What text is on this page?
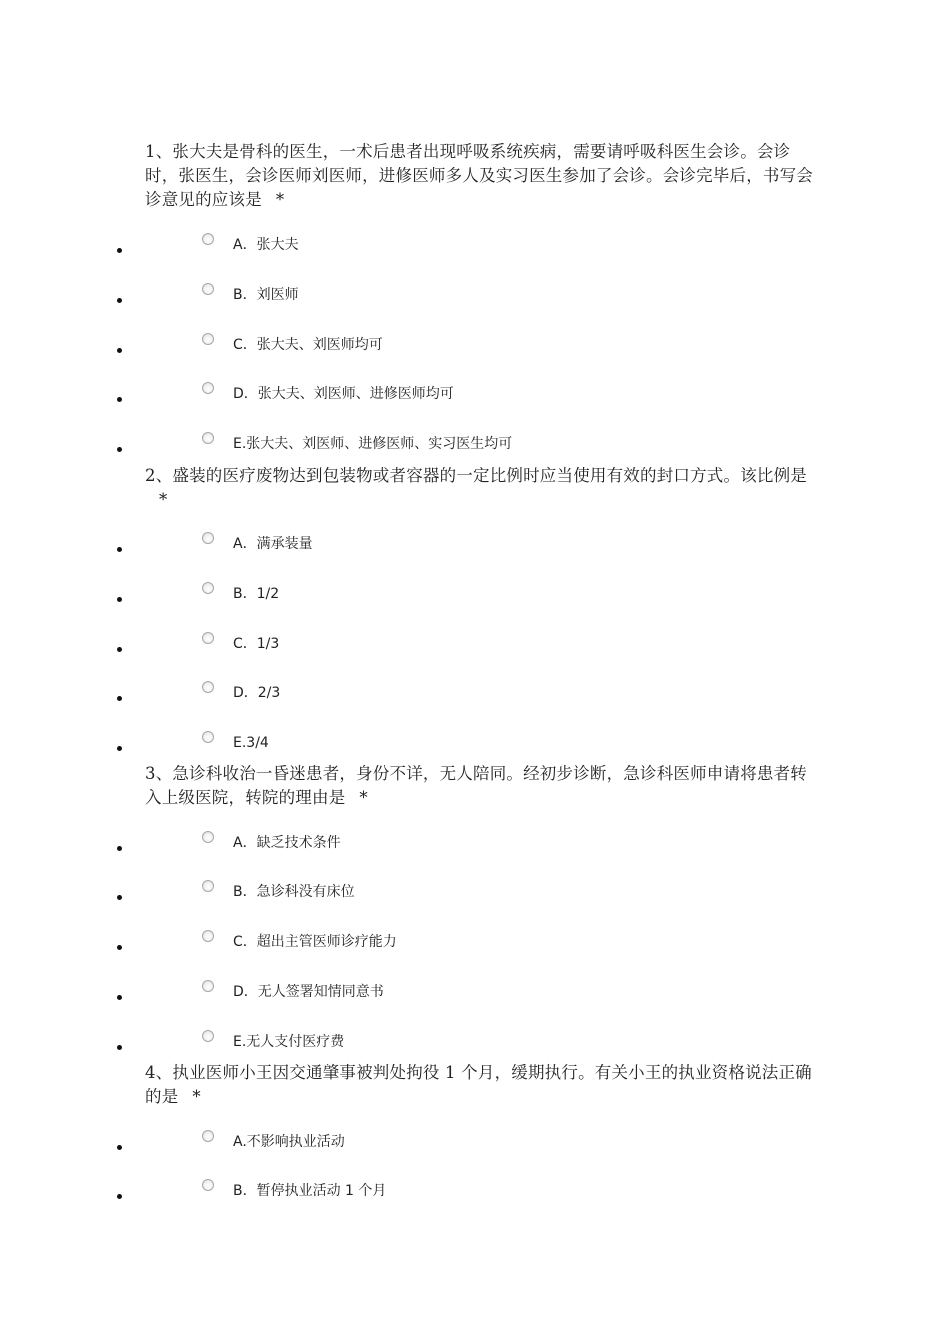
1、张大夫是骨科的医生，一术后患者出现呼吸系统疾病，需要请呼吸科医生会诊。会诊时，张医生，会诊医师刘医师，进修医师多人及实习医生参加了会诊。会诊完毕后，书写会诊意见的应该是 *
A．张大夫
B．刘医师
C．张大夫、刘医师均可
D．张大夫、刘医师、进修医师均可
E.张大夫、刘医师、进修医师、实习医生均可
2、盛装的医疗废物达到包装物或者容器的一定比例时应当使用有效的封口方式。该比例是*
A．满承装量
B．1/2
C．1/3
D．2/3
E.3/4
3、急诊科收治一昏迷患者，身份不详，无人陪同。经初步诊断，急诊科医师申请将患者转入上级医院，转院的理由是 *
A．缺乏技术条件
B．急诊科没有床位
C．超出主管医师诊疗能力
D．无人签署知情同意书
E.无人支付医疗费
4、执业医师小王因交通肇事被判处拘役 1 个月，缓期执行。有关小王的执业资格说法正确的是 *
A.不影响执业活动
B．暂停执业活动 1 个月
